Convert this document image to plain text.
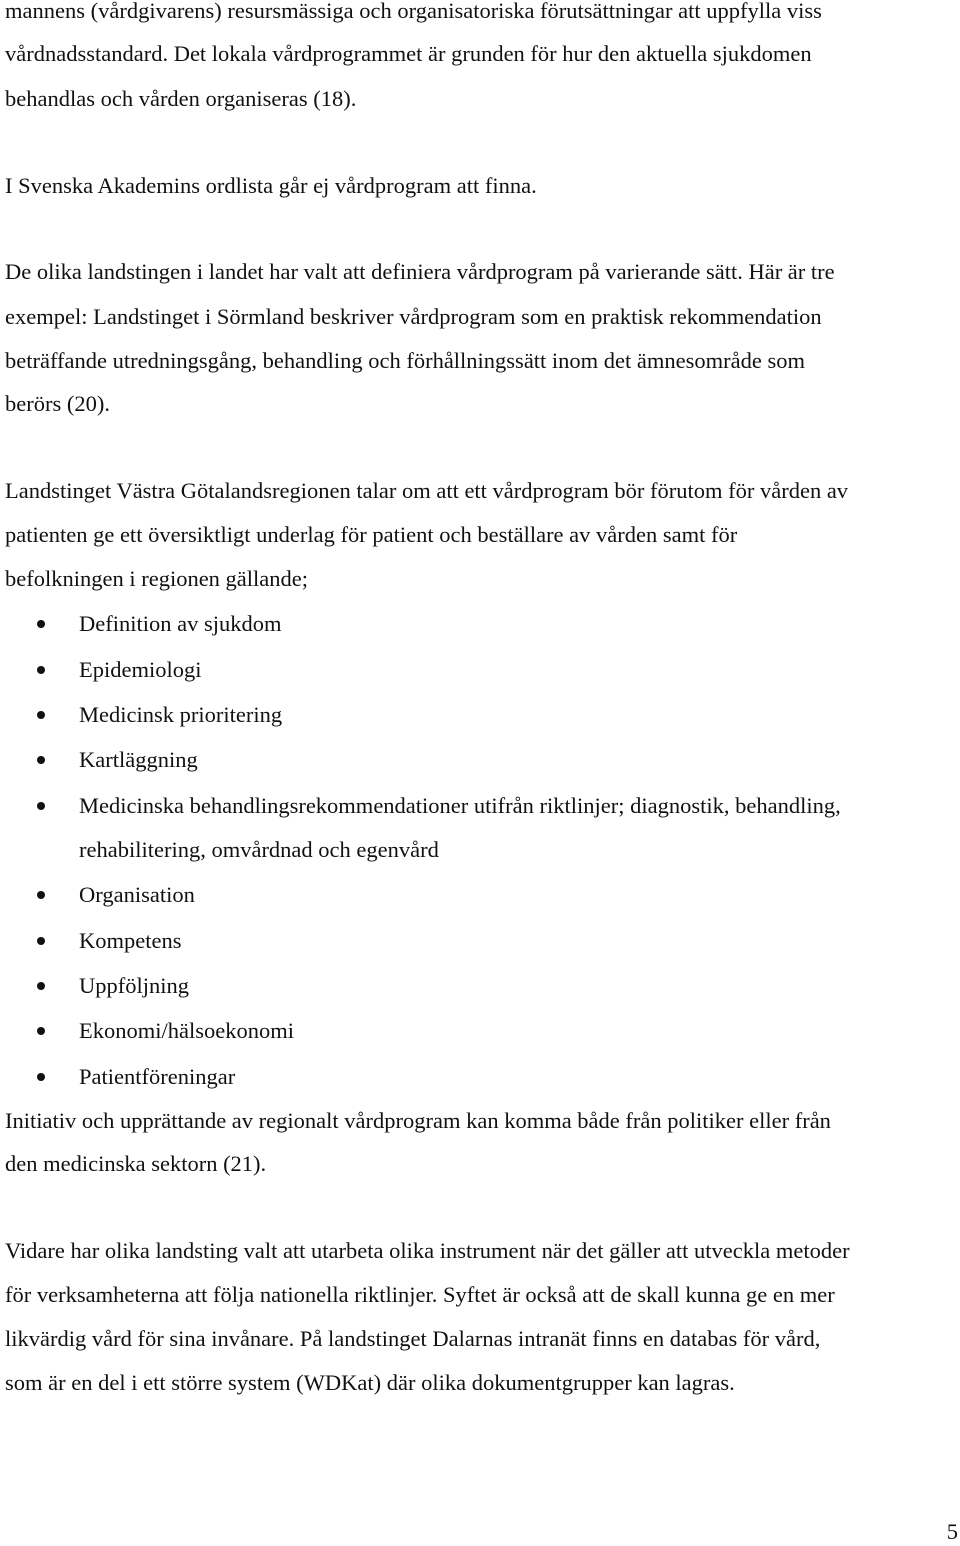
mannens (vårdgivarens) resursmässiga och organisatoriska förutsättningar att uppfylla viss
vårdnadsstandard. Det lokala vårdprogrammet är grunden för hur den aktuella sjukdomen
behandlas och vården organiseras (18).
I Svenska Akademins ordlista går ej vårdprogram att finna.
De olika landstingen i landet har valt att definiera vårdprogram på varierande sätt. Här är tre
exempel: Landstinget i Sörmland beskriver vårdprogram som en praktisk rekommendation
beträffande utredningsgång, behandling och förhållningssätt inom det ämnesområde som
berörs (20).
Landstinget Västra Götalandsregionen talar om att ett vårdprogram bör förutom för vården av
patienten ge ett översiktligt underlag för patient och beställare av vården samt för
befolkningen i regionen gällande;
Definition av sjukdom
Epidemiologi
Medicinsk prioritering
Kartläggning
Medicinska behandlingsrekommendationer utifrån riktlinjer; diagnostik, behandling,
rehabilitering, omvårdnad och egenvård
Organisation
Kompetens
Uppföljning
Ekonomi/hälsoekonomi
Patientföreningar
Initiativ och upprättande av regionalt vårdprogram kan komma både från politiker eller från
den medicinska sektorn (21).
Vidare har olika landsting valt att utarbeta olika instrument när det gäller att utveckla metoder
för verksamheterna att följa nationella riktlinjer. Syftet är också att de skall kunna ge en mer
likvärdig vård för sina invånare. På landstinget Dalarnas intranät finns en databas för vård,
som är en del i ett större system (WDKat) där olika dokumentgrupper kan lagras.
5
